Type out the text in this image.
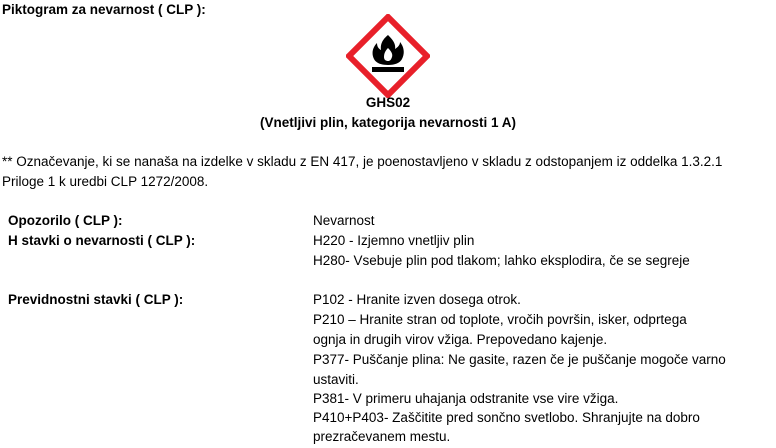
Piktogram za nevarnost ( CLP ):
GHS02
(Vnetljivi plin, kategorija nevarnosti 1 A)
** Označevanje, ki se nanaša na izdelke v skladu z EN 417, je poenostavljeno v skladu z odstopanjem iz oddelka 1.3.2.1
Priloge 1 k uredbi CLP 1272/2008.
Opozorilo ( CLP ):	Nevarnost
H stavki o nevarnosti ( CLP ):	H220 - Izjemno vnetljiv plin
H280- Vsebuje plin pod tlakom; lahko eksplodira, če se segreje
Previdnostni stavki ( CLP ):	P102 - Hranite izven dosega otrok.
P210 – Hranite stran od toplote, vročih površin, isker, odprtega
ognja in drugih virov vžiga. Prepovedano kajenje.
P377- Puščanje plina: Ne gasite, razen če je puščanje mogoče varno
ustaviti.
P381- V primeru uhajanja odstranite vse vire vžiga.
P410+P403- Zaščitite pred sončno svetlobo. Shranjujte na dobro
prezračevanem mestu.
